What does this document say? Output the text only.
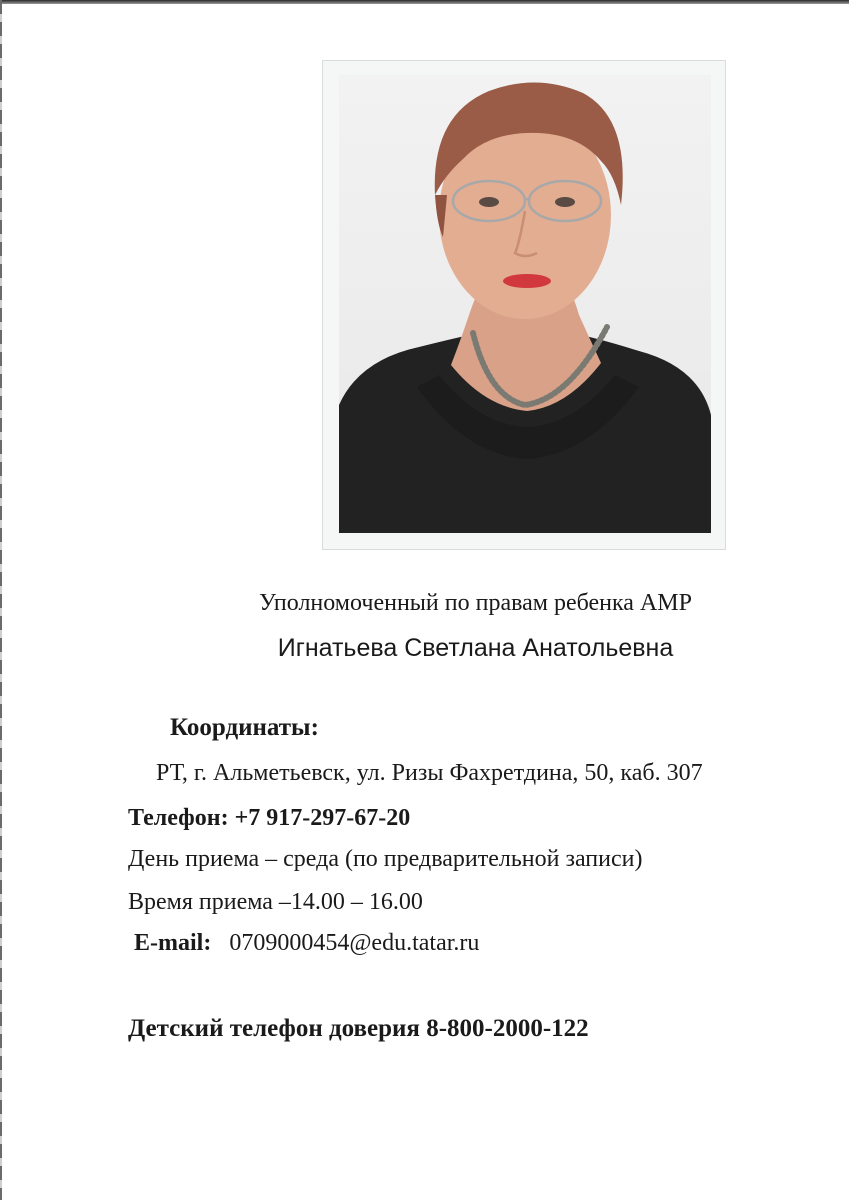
Уполномоченный по правам ребенка АМР
Игнатьева Светлана Анатольевна
Координаты:
РТ, г. Альметьевск, ул. Ризы Фахретдина, 50, каб. 307
Телефон: +7 917-297-67-20
День приема – среда (по предварительной записи)
Время приема –14.00 – 16.00
E-mail: 0709000454@edu.tatar.ru
Детский телефон доверия 8-800-2000-122
